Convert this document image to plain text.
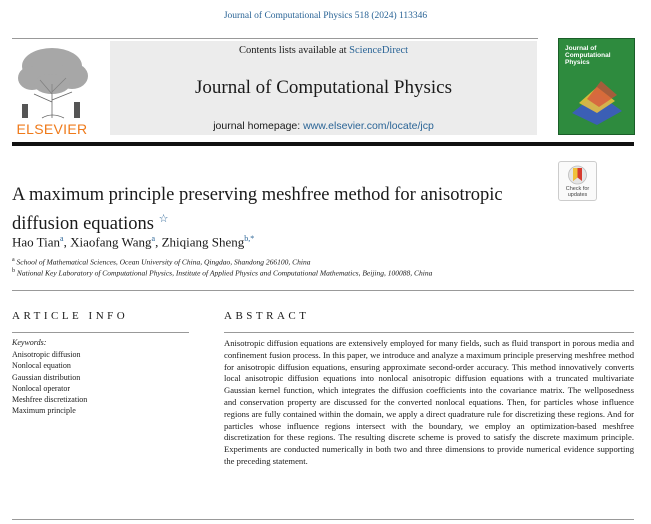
Journal of Computational Physics 518 (2024) 113346
ELSEVIER
Contents lists available at ScienceDirect
Journal of Computational Physics
journal homepage: www.elsevier.com/locate/jcp
Journal of
Computational
Physics
Check for
updates
A maximum principle preserving meshfree method for anisotropic
diffusion equations ☆
Hao Tian$^a$, Xiaofang Wang$^a$, Zhiqiang Sheng$^{b,*}$
$^a$ School of Mathematical Sciences, Ocean University of China, Qingdao, Shandong 266100, China
$^b$ National Key Laboratory of Computational Physics, Institute of Applied Physics and Computational Mathematics, Beijing, 100088, China
ARTICLE INFO
Keywords:
Anisotropic diffusion
Nonlocal equation
Gaussian distribution
Nonlocal operator
Meshfree discretization
Maximum principle
ABSTRACT
Anisotropic diffusion equations are extensively employed for many fields, such as fluid transport in porous media and confinement fusion process. In this paper, we introduce and analyze a maximum principle preserving meshfree method for anisotropic diffusion equations, ensuring approximate second-order accuracy. This method innovatively converts local anisotropic diffusion equations into nonlocal anisotropic diffusion equations with a truncated multivariate Gaussian kernel function, which integrates the diffusion coefficients into the covariance matrix. The wellposedness and conservation property are discussed for the converted nonlocal equations. Then, for particles whose influence regions are fully contained within the domain, we apply a direct quadrature rule for discretizing these regions. And for particles whose influence regions intersect with the boundary, we employ an optimization-based meshfree discretization for these regions. The resulting discrete scheme is proved to satisfy the discrete maximum principle. Experiments are conducted numerically in both two and three dimensions to provide numerical evidence supporting the preceding statement.
